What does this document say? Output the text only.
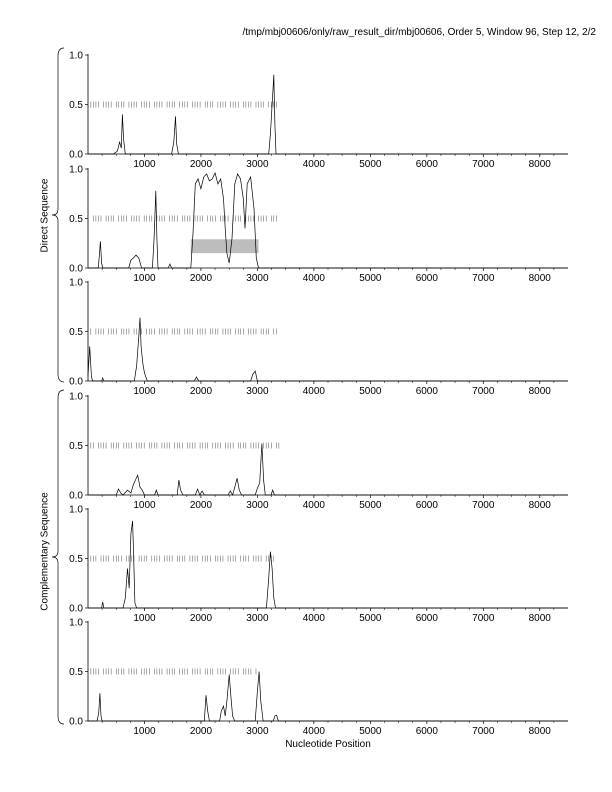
/tmp/mbj00606/only/raw_result_dir/mbj00606, Order 5, Window 96, Step 12, 2/2
Direct Sequence
Complementary Sequence
0.0
0.5
1.0
1000	2000	3000	4000	5000	6000	7000	8000
0.0
0.5
1.0
1000	2000	3000	4000	5000	6000	7000	8000
0.0
0.5
1.0
1000	2000	3000	4000	5000	6000	7000	8000
0.0
0.5
1.0
1000	2000	3000	4000	5000	6000	7000	8000
0.0
0.5
1.0
1000	2000	3000	4000	5000	6000	7000	8000
0.0
0.5
1.0
1000	2000	3000	4000	5000	6000	7000	8000
Nucleotide Position
